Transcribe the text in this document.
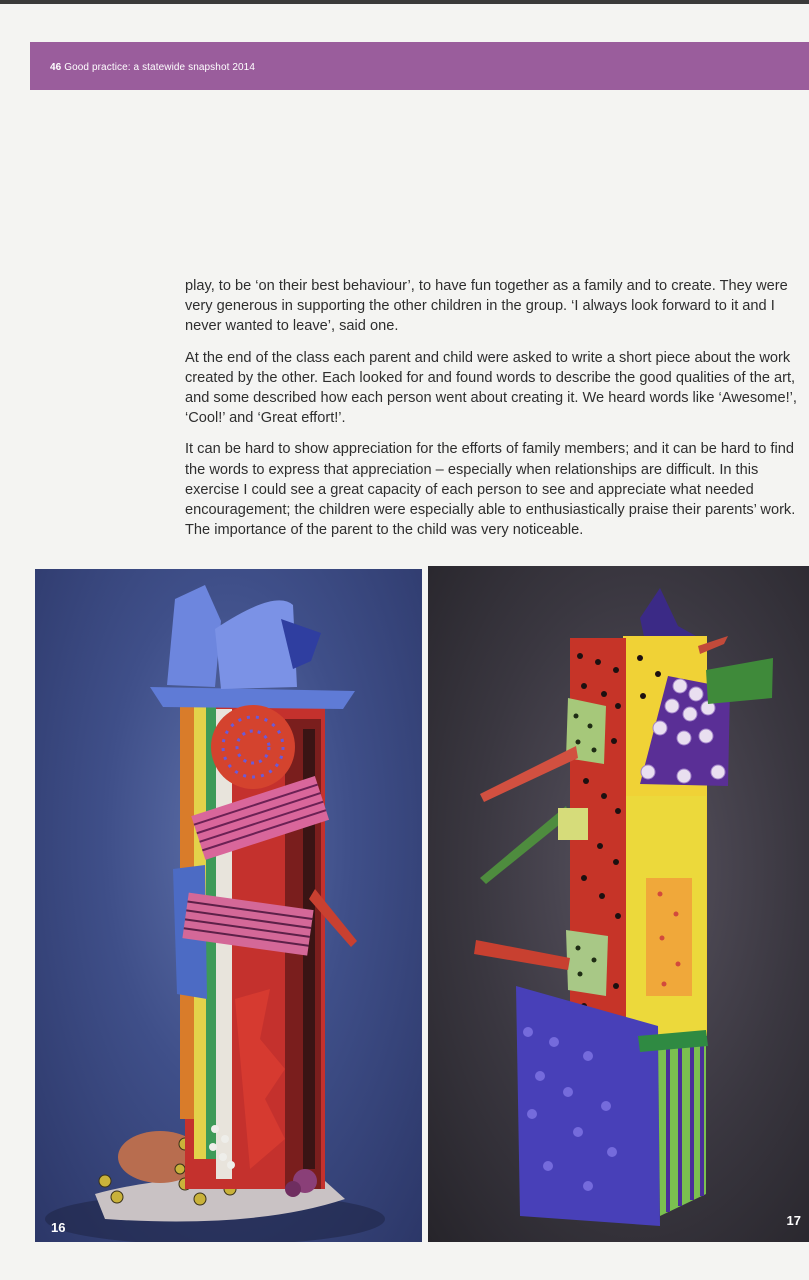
46 Good practice: a statewide snapshot 2014

play, to be ‘on their best behaviour’, to have fun together as a family and to create. They were very generous in supporting the other children in the group. ‘I always look forward to it and I never wanted to leave’, said one.

At the end of the class each parent and child were asked to write a short piece about the work created by the other. Each looked for and found words to describe the good qualities of the art, and some described how each person went about creating it. We heard words like ‘Awesome!’, ‘Cool!’ and ‘Great effort!’.

It can be hard to show appreciation for the efforts of family members; and it can be hard to find the words to express that appreciation – especially when relationships are difficult. In this exercise I could see a great capacity of each person to see and appreciate what needed encouragement; the children were especially able to enthusiastically praise their parents’ work. The importance of the parent to the child was very noticeable.

16	17
